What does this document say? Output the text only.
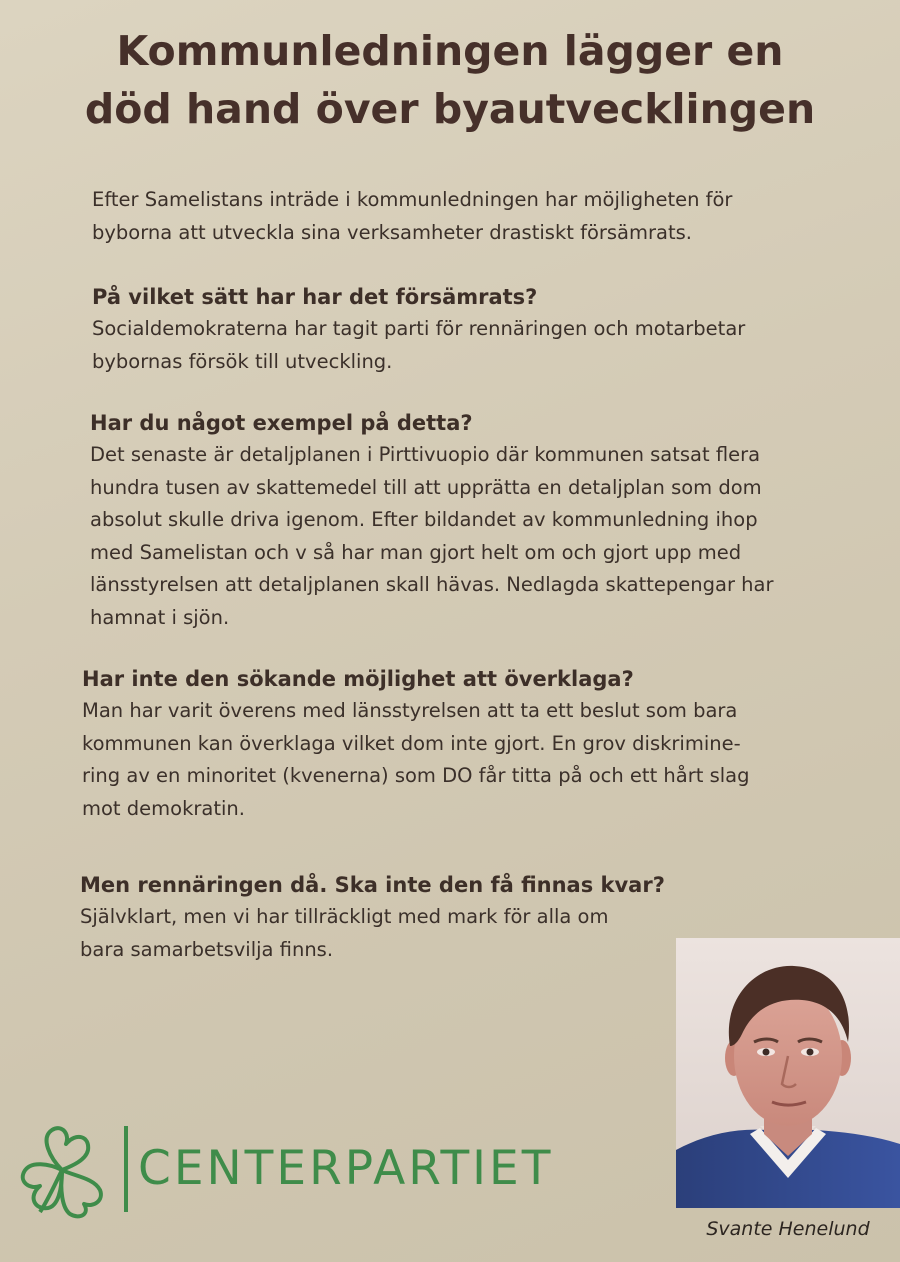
Kommunledningen lägger en
död hand över byautvecklingen

Efter Samelistans inträde i kommunledningen har möjligheten för
byborna att utveckla sina verksamheter drastiskt försämrats.

På vilket sätt har har det försämrats?

Socialdemokraterna har tagit parti för rennäringen och motarbetar
bybornas försök till utveckling.

Har du något exempel på detta?

Det senaste är detaljplanen i Pirttivuopio där kommunen satsat flera
hundra tusen av skattemedel till att upprätta en detaljplan som dom
absolut skulle driva igenom. Efter bildandet av kommunledning ihop
med Samelistan och v så har man gjort helt om och gjort upp med
länsstyrelsen att detaljplanen skall hävas. Nedlagda skattepengar har
hamnat i sjön.

Har inte den sökande möjlighet att överklaga?

Man har varit överens med länsstyrelsen att ta ett beslut som bara
kommunen kan överklaga vilket dom inte gjort. En grov diskrimine-
ring av en minoritet (kvenerna) som DO får titta på och ett hårt slag
mot demokratin.

Men rennäringen då. Ska inte den få finnas kvar?

Självklart, men vi har tillräckligt med mark för alla om
bara samarbetsvilja finns.

CENTERPARTIET
Svante Henelund
